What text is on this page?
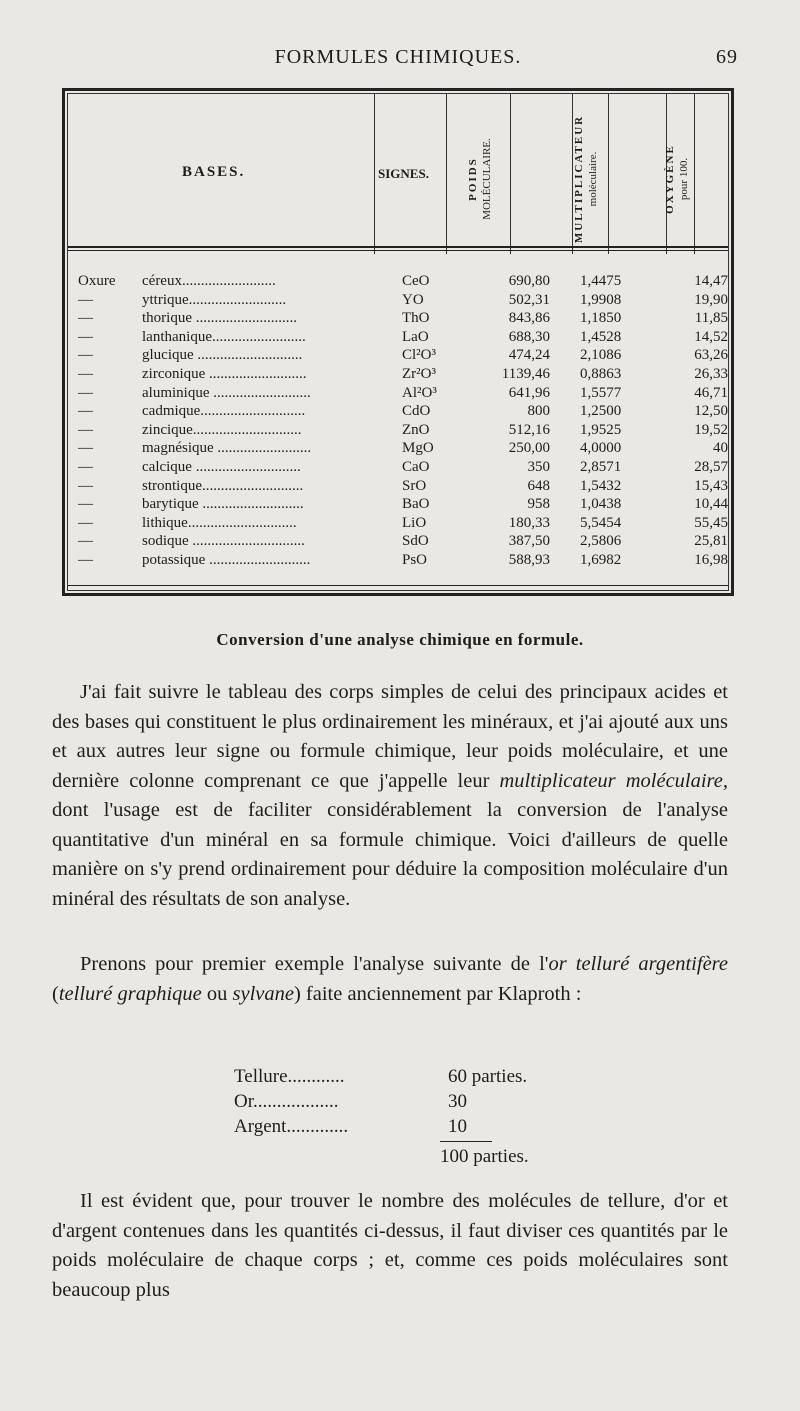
FORMULES CHIMIQUES.	69
BASES.	SIGNES.	POIDS MOLÉCULAIRE.	MULTIPLICATEUR moléculaire.	OXYGÈNE pour 100.
Oxure	céreux.........................	CeO	690,80 1,4475	14,47
—	yttrique..........................	YO	502,31 1,9908	19,90
—	thorique ...........................	ThO	843,86 1,1850	11,85
—	lanthanique.........................	LaO	688,30 1,4528	14,52
—	glucique ............................	Cl²O³	474,24 2,1086	63,26
—	zirconique ..........................	Zr²O³	1139,46 0,8863	26,33
—	aluminique ..........................	Al²O³	641,96 1,5577	46,71
—	cadmique............................	CdO	800 1,2500	12,50
—	zincique.............................	ZnO	512,16 1,9525	19,52
—	magnésique .........................	MgO	250,00 4,0000	40
—	calcique ............................	CaO	350 2,8571	28,57
—	strontique...........................	SrO	648 1,5432	15,43
—	barytique ...........................	BaO	958 1,0438	10,44
—	lithique.............................	LiO	180,33 5,5454	55,45
—	sodique ..............................	SdO	387,50 2,5806	25,81
—	potassique ...........................	PsO	588,93 1,6982	16,98
Conversion d'une analyse chimique en formule.
J'ai fait suivre le tableau des corps simples de celui des principaux acides et des bases qui constituent le plus ordinairement les minéraux, et j'ai ajouté aux uns et aux autres leur signe ou formule chimique, leur poids moléculaire, et une dernière colonne comprenant ce que j'appelle leur multiplicateur moléculaire, dont l'usage est de faciliter considérablement la conversion de l'analyse quantitative d'un minéral en sa formule chimique. Voici d'ailleurs de quelle manière on s'y prend ordinairement pour déduire la composition moléculaire d'un minéral des résultats de son analyse.
Prenons pour premier exemple l'analyse suivante de l'or telluré argentifère (telluré graphique ou sylvane) faite anciennement par Klaproth :
Tellure............	60 parties.
Or..................	30
Argent.............	10
100 parties.
Il est évident que, pour trouver le nombre des molécules de tellure, d'or et d'argent contenues dans les quantités ci-dessus, il faut diviser ces quantités par le poids moléculaire de chaque corps ; et, comme ces poids moléculaires sont beaucoup plus
